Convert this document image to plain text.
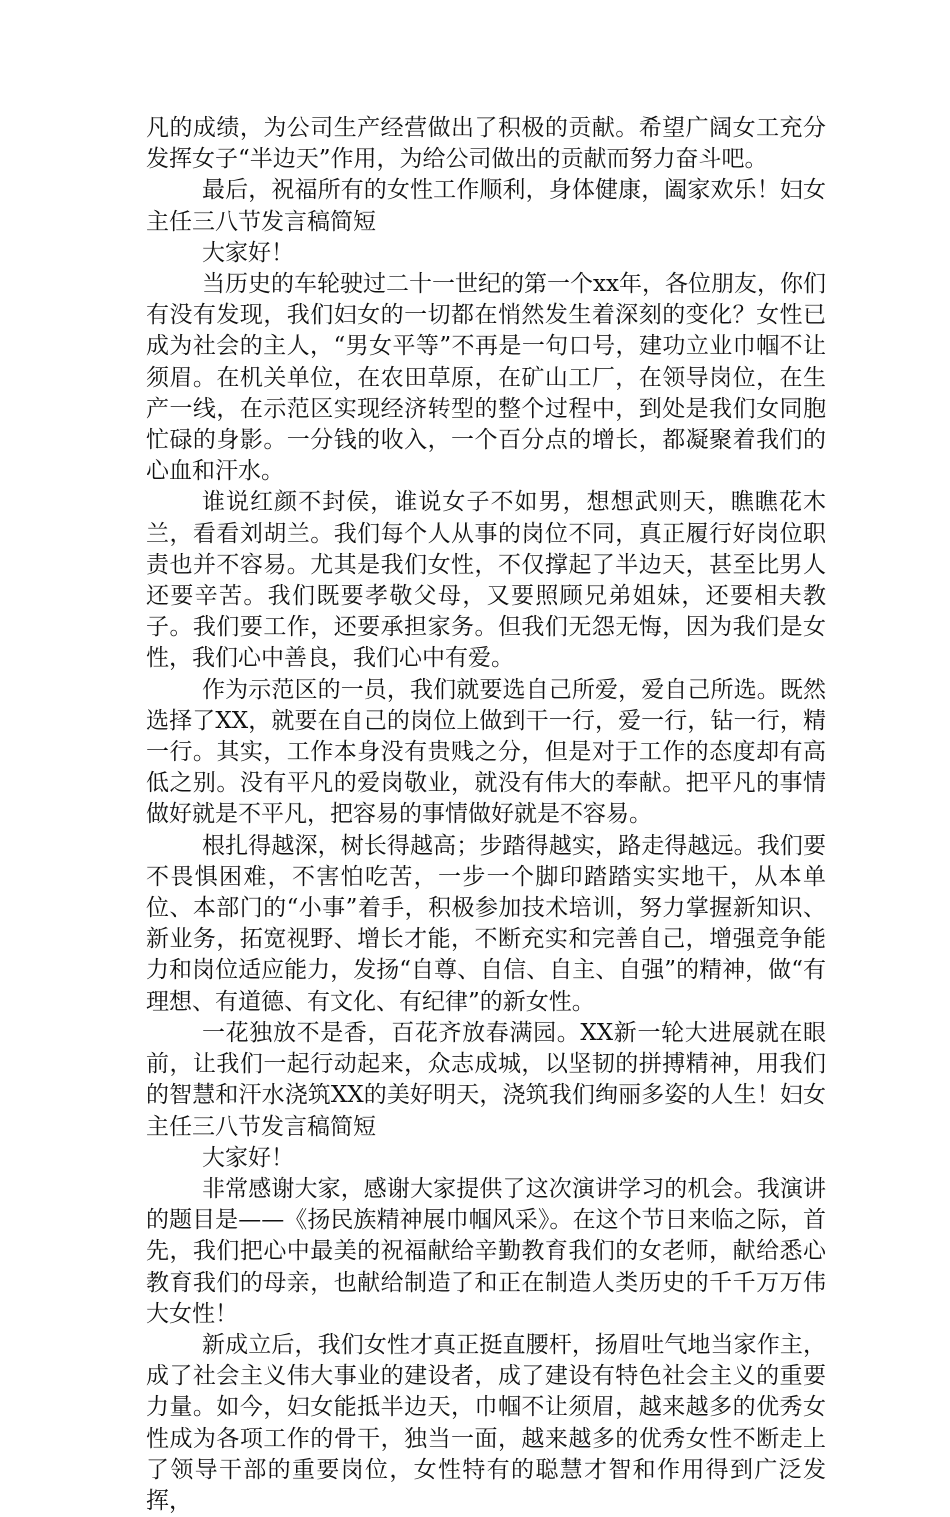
凡的成绩，为公司生产经营做出了积极的贡献。希望广阔女工充分发挥女子“半边天”作用，为给公司做出的贡献而努力奋斗吧。

最后，祝福所有的女性工作顺利，身体健康，阖家欢乐！妇女主任三八节发言稿简短

大家好！

当历史的车轮驶过二十一世纪的第一个xx年，各位朋友，你们有没有发现，我们妇女的一切都在悄然发生着深刻的变化？女性已成为社会的主人，“男女平等”不再是一句口号，建功立业巾帼不让须眉。在机关单位，在农田草原，在矿山工厂，在领导岗位，在生产一线，在示范区实现经济转型的整个过程中，到处是我们女同胞忙碌的身影。一分钱的收入，一个百分点的增长，都凝聚着我们的心血和汗水。

谁说红颜不封侯，谁说女子不如男，想想武则天，瞧瞧花木兰，看看刘胡兰。我们每个人从事的岗位不同，真正履行好岗位职责也并不容易。尤其是我们女性，不仅撑起了半边天，甚至比男人还要辛苦。我们既要孝敬父母，又要照顾兄弟姐妹，还要相夫教子。我们要工作，还要承担家务。但我们无怨无悔，因为我们是女性，我们心中善良，我们心中有爱。

作为示范区的一员，我们就要选自己所爱，爱自己所选。既然选择了XX，就要在自己的岗位上做到干一行，爱一行，钻一行，精一行。其实，工作本身没有贵贱之分，但是对于工作的态度却有高低之别。没有平凡的爱岗敬业，就没有伟大的奉献。把平凡的事情做好就是不平凡，把容易的事情做好就是不容易。

根扎得越深，树长得越高；步踏得越实，路走得越远。我们要不畏惧困难，不害怕吃苦，一步一个脚印踏踏实实地干，从本单位、本部门的“小事”着手，积极参加技术培训，努力掌握新知识、新业务，拓宽视野、增长才能，不断充实和完善自己，增强竞争能力和岗位适应能力，发扬“自尊、自信、自主、自强”的精神，做“有理想、有道德、有文化、有纪律”的新女性。

一花独放不是香，百花齐放春满园。XX新一轮大进展就在眼前，让我们一起行动起来，众志成城，以坚韧的拼搏精神，用我们的智慧和汗水浇筑XX的美好明天，浇筑我们绚丽多姿的人生！妇女主任三八节发言稿简短

大家好！

非常感谢大家，感谢大家提供了这次演讲学习的机会。我演讲的题目是——《扬民族精神展巾帼风采》。在这个节日来临之际，首先，我们把心中最美的祝福献给辛勤教育我们的女老师，献给悉心教育我们的母亲，也献给制造了和正在制造人类历史的千千万万伟大女性！

新成立后，我们女性才真正挺直腰杆，扬眉吐气地当家作主，成了社会主义伟大事业的建设者，成了建设有特色社会主义的重要力量。如今，妇女能抵半边天，巾帼不让须眉，越来越多的优秀女性成为各项工作的骨干，独当一面，越来越多的优秀女性不断走上了领导干部的重要岗位，女性特有的聪慧才智和作用得到广泛发挥，
